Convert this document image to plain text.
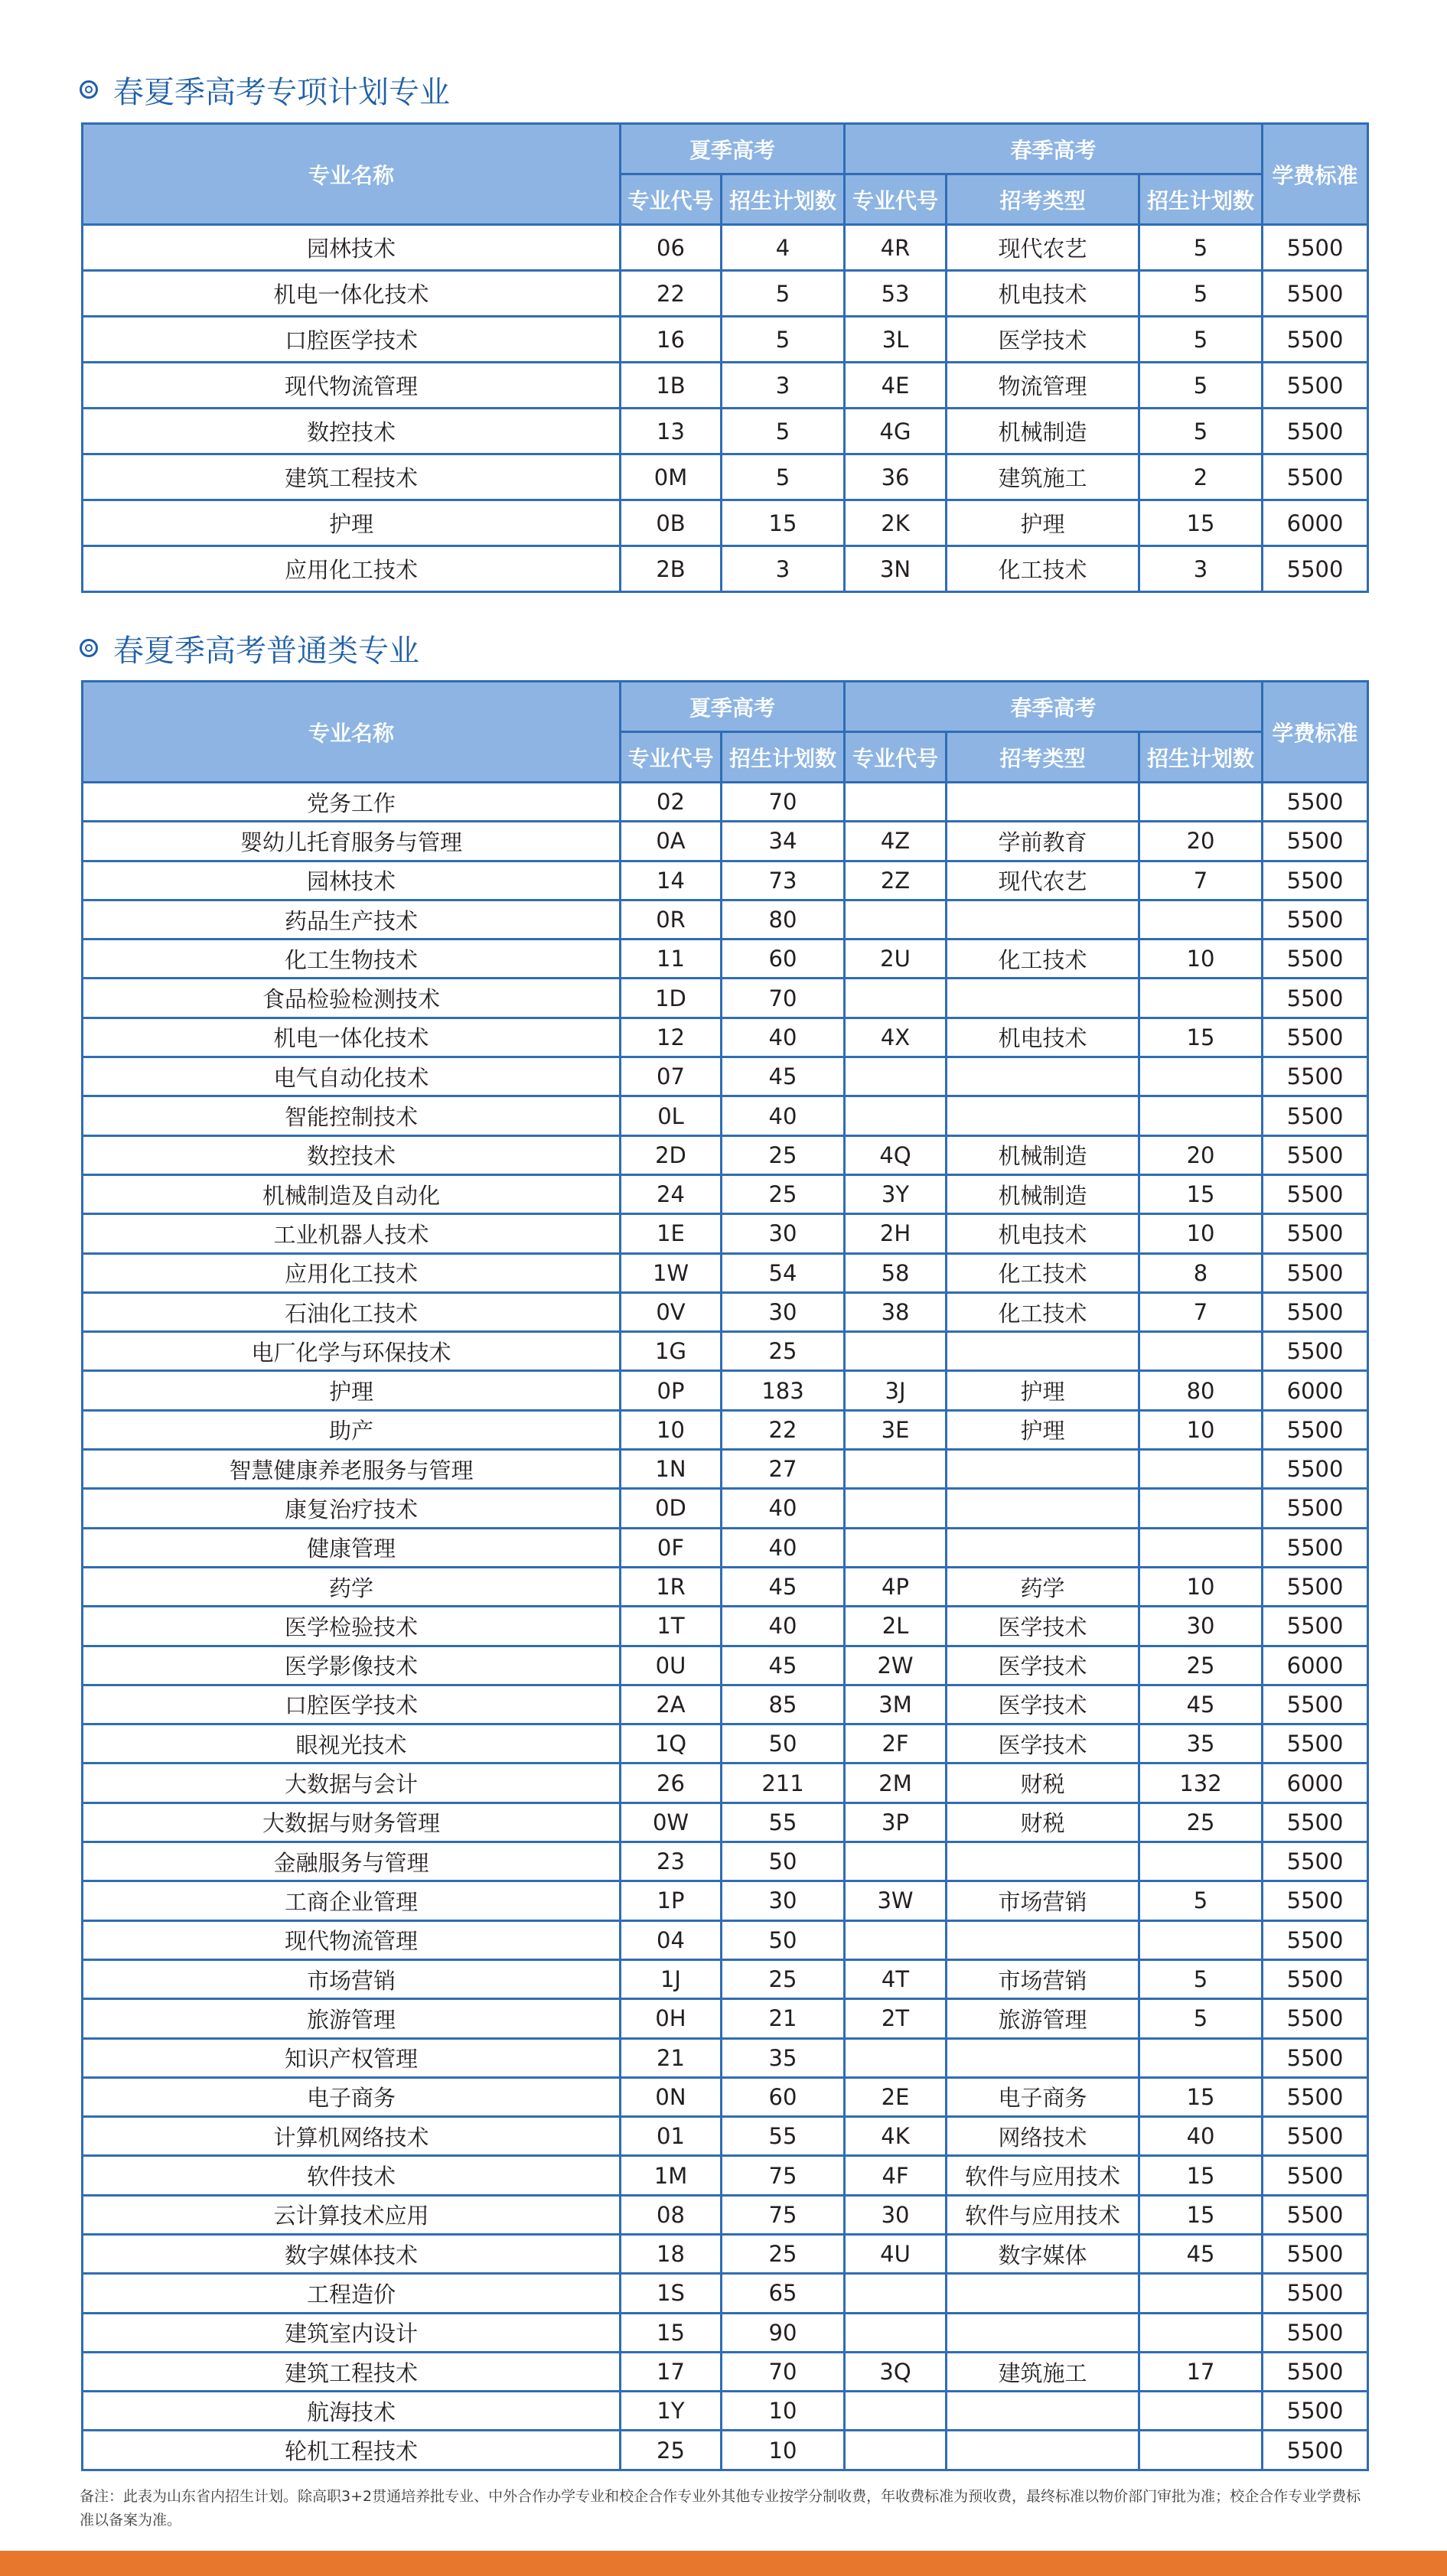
春夏季高考专项计划专业
专业名称	夏季高考		春季高考			学费标准
	专业代号	招生计划数	专业代号	招考类型	招生计划数	
园林技术	06	4	4R	现代农艺	5	5500
机电一体化技术	22	5	53	机电技术	5	5500
口腔医学技术	16	5	3L	医学技术	5	5500
现代物流管理	1B	3	4E	物流管理	5	5500
数控技术	13	5	4G	机械制造	5	5500
建筑工程技术	0M	5	36	建筑施工	2	5500
护理	0B	15	2K	护理	15	6000
应用化工技术	2B	3	3N	化工技术	3	5500
春夏季高考普通类专业
专业名称	夏季高考		春季高考			学费标准
	专业代号	招生计划数	专业代号	招考类型	招生计划数	
党务工作	02	70				5500
婴幼儿托育服务与管理	0A	34	4Z	学前教育	20	5500
园林技术	14	73	2Z	现代农艺	7	5500
药品生产技术	0R	80				5500
化工生物技术	11	60	2U	化工技术	10	5500
食品检验检测技术	1D	70				5500
机电一体化技术	12	40	4X	机电技术	15	5500
电气自动化技术	07	45				5500
智能控制技术	0L	40				5500
数控技术	2D	25	4Q	机械制造	20	5500
机械制造及自动化	24	25	3Y	机械制造	15	5500
工业机器人技术	1E	30	2H	机电技术	10	5500
应用化工技术	1W	54	58	化工技术	8	5500
石油化工技术	0V	30	38	化工技术	7	5500
电厂化学与环保技术	1G	25				5500
护理	0P	183	3J	护理	80	6000
助产	10	22	3E	护理	10	5500
智慧健康养老服务与管理	1N	27				5500
康复治疗技术	0D	40				5500
健康管理	0F	40				5500
药学	1R	45	4P	药学	10	5500
医学检验技术	1T	40	2L	医学技术	30	5500
医学影像技术	0U	45	2W	医学技术	25	6000
口腔医学技术	2A	85	3M	医学技术	45	5500
眼视光技术	1Q	50	2F	医学技术	35	5500
大数据与会计	26	211	2M	财税	132	6000
大数据与财务管理	0W	55	3P	财税	25	5500
金融服务与管理	23	50				5500
工商企业管理	1P	30	3W	市场营销	5	5500
现代物流管理	04	50				5500
市场营销	1J	25	4T	市场营销	5	5500
旅游管理	0H	21	2T	旅游管理	5	5500
知识产权管理	21	35				5500
电子商务	0N	60	2E	电子商务	15	5500
计算机网络技术	01	55	4K	网络技术	40	5500
软件技术	1M	75	4F	软件与应用技术	15	5500
云计算技术应用	08	75	30	软件与应用技术	15	5500
数字媒体技术	18	25	4U	数字媒体	45	5500
工程造价	1S	65				5500
建筑室内设计	15	90				5500
建筑工程技术	17	70	3Q	建筑施工	17	5500
航海技术	1Y	10				5500
轮机工程技术	25	10				5500
备注：此表为山东省内招生计划。除高职3+2贯通培养批专业、中外合作办学专业和校企合作专业外其他专业按学分制收费，年收费标准为预收费，最终标准以物价部门审批为准；校企合作专业学费标准以备案为准。
